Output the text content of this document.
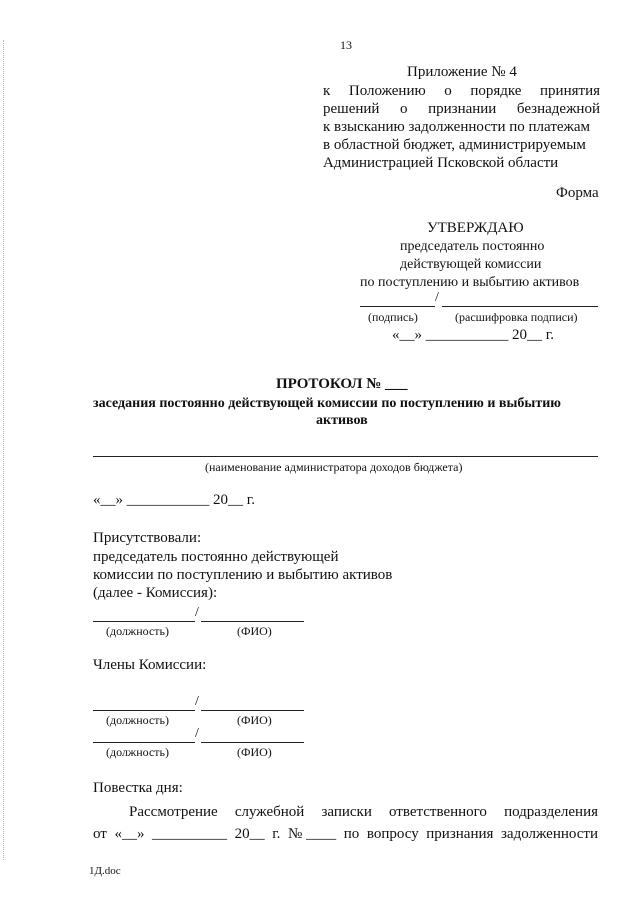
13
Приложение № 4
к Положению о порядке принятия
решений о признании безнадежной
к взысканию задолженности по платежам
в областной бюджет, администрируемым
Администрацией Псковской области
Форма
УТВЕРЖДАЮ
председатель постоянно
действующей комиссии
по поступлению и выбытию активов
/
(подпись)	(расшифровка подписи)
«__» ___________ 20__ г.
ПРОТОКОЛ № ___
заседания постоянно действующей комиссии по поступлению и выбытию
активов
(наименование администратора доходов бюджета)
«__» ___________ 20__ г.
Присутствовали:
председатель постоянно действующей
комиссии по поступлению и выбытию активов
(далее - Комиссия):
/
(должность)	(ФИО)
Члены Комиссии:
/
(должность)	(ФИО)
/
(должность)	(ФИО)
Повестка дня:
Рассмотрение служебной записки ответственного подразделения
от «__» __________ 20__ г. №____ по вопросу признания задолженности
1Д.doc
